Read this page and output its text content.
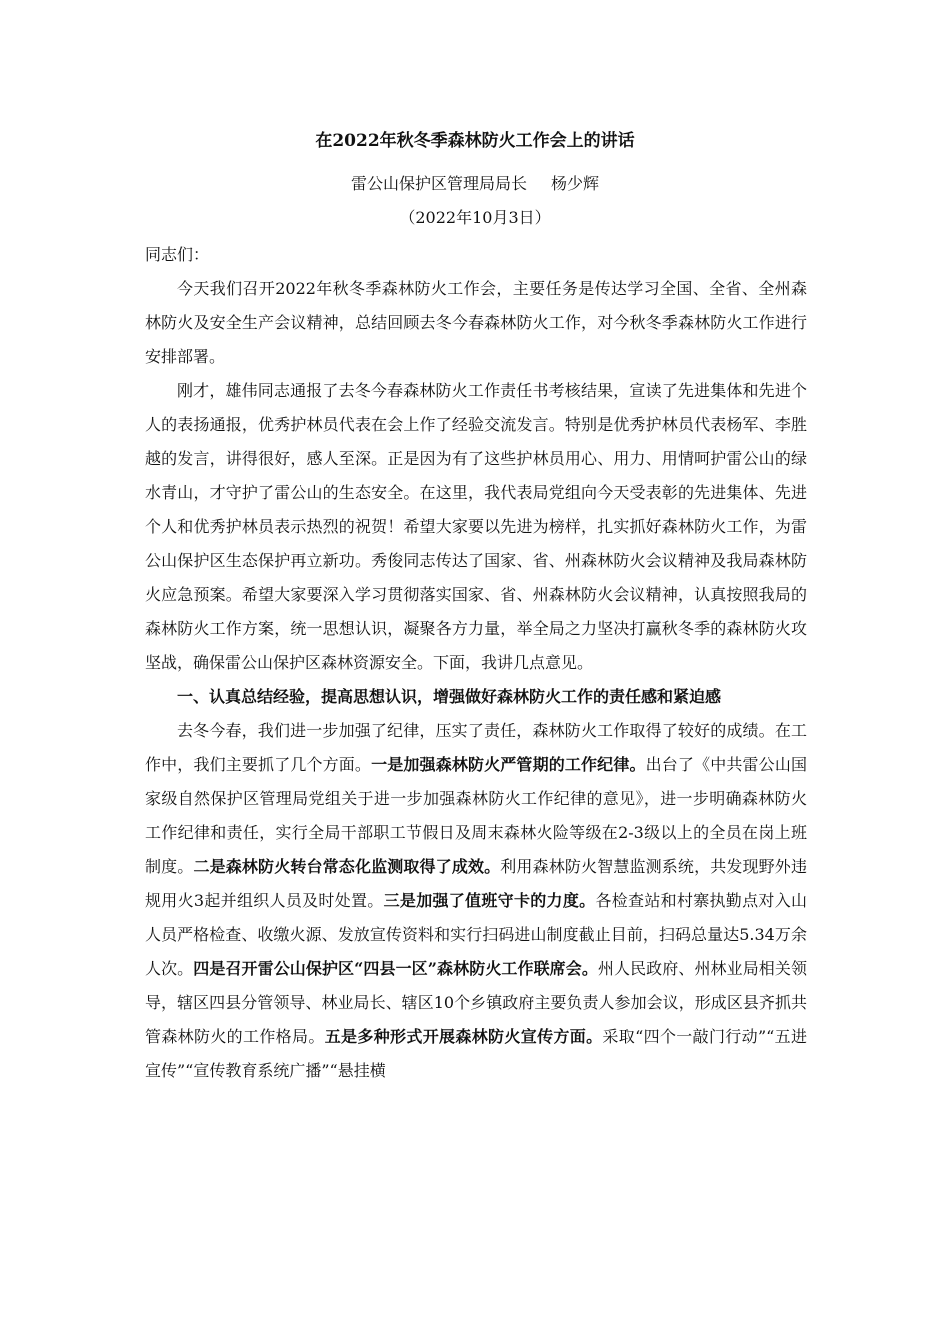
在2022年秋冬季森林防火工作会上的讲话
雷公山保护区管理局局长 杨少辉
（2022年10月3日）

同志们：

今天我们召开2022年秋冬季森林防火工作会，主要任务是传达学习全国、全省、全州森林防火及安全生产会议精神，总结回顾去冬今春森林防火工作，对今秋冬季森林防火工作进行安排部署。

刚才，雄伟同志通报了去冬今春森林防火工作责任书考核结果，宣读了先进集体和先进个人的表扬通报，优秀护林员代表在会上作了经验交流发言。特别是优秀护林员代表杨军、李胜越的发言，讲得很好，感人至深。正是因为有了这些护林员用心、用力、用情呵护雷公山的绿水青山，才守护了雷公山的生态安全。在这里，我代表局党组向今天受表彰的先进集体、先进个人和优秀护林员表示热烈的祝贺！希望大家要以先进为榜样，扎实抓好森林防火工作，为雷公山保护区生态保护再立新功。秀俊同志传达了国家、省、州森林防火会议精神及我局森林防火应急预案。希望大家要深入学习贯彻落实国家、省、州森林防火会议精神，认真按照我局的森林防火工作方案，统一思想认识，凝聚各方力量，举全局之力坚决打赢秋冬季的森林防火攻坚战，确保雷公山保护区森林资源安全。下面，我讲几点意见。

一、认真总结经验，提高思想认识，增强做好森林防火工作的责任感和紧迫感

去冬今春，我们进一步加强了纪律，压实了责任，森林防火工作取得了较好的成绩。在工作中，我们主要抓了几个方面。一是加强森林防火严管期的工作纪律。出台了《中共雷公山国家级自然保护区管理局党组关于进一步加强森林防火工作纪律的意见》，进一步明确森林防火工作纪律和责任，实行全局干部职工节假日及周末森林火险等级在2-3级以上的全员在岗上班制度。二是森林防火转台常态化监测取得了成效。利用森林防火智慧监测系统，共发现野外违规用火3起并组织人员及时处置。三是加强了值班守卡的力度。各检查站和村寨执勤点对入山人员严格检查、收缴火源、发放宣传资料和实行扫码进山制度截止目前，扫码总量达5.34万余人次。四是召开雷公山保护区“四县一区”森林防火工作联席会。州人民政府、州林业局相关领导，辖区四县分管领导、林业局长、辖区10个乡镇政府主要负责人参加会议，形成区县齐抓共管森林防火的工作格局。五是多种形式开展森林防火宣传方面。采取“四个一敲门行动”“五进宣传”“宣传教育系统广播”“悬挂横
